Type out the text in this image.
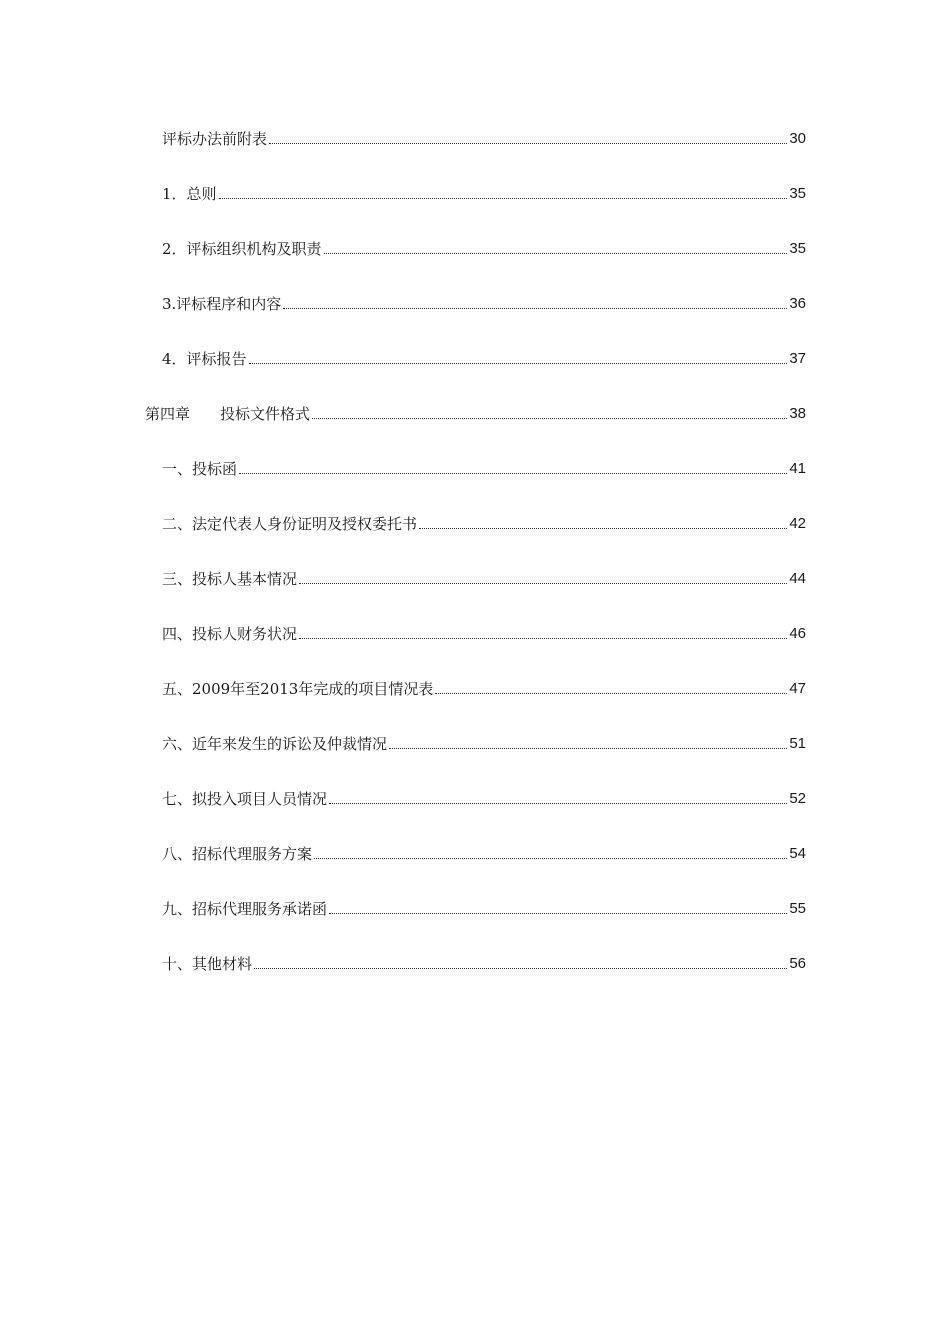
评标办法前附表	30
1．总则	35
2．评标组织机构及职责	35
3.评标程序和内容	36
4．评标报告	37
第四章　　投标文件格式	38
一、投标函	41
二、法定代表人身份证明及授权委托书	42
三、投标人基本情况	44
四、投标人财务状况	46
五、2009年至2013年完成的项目情况表	47
六、近年来发生的诉讼及仲裁情况	51
七、拟投入项目人员情况	52
八、招标代理服务方案	54
九、招标代理服务承诺函	55
十、其他材料	56
